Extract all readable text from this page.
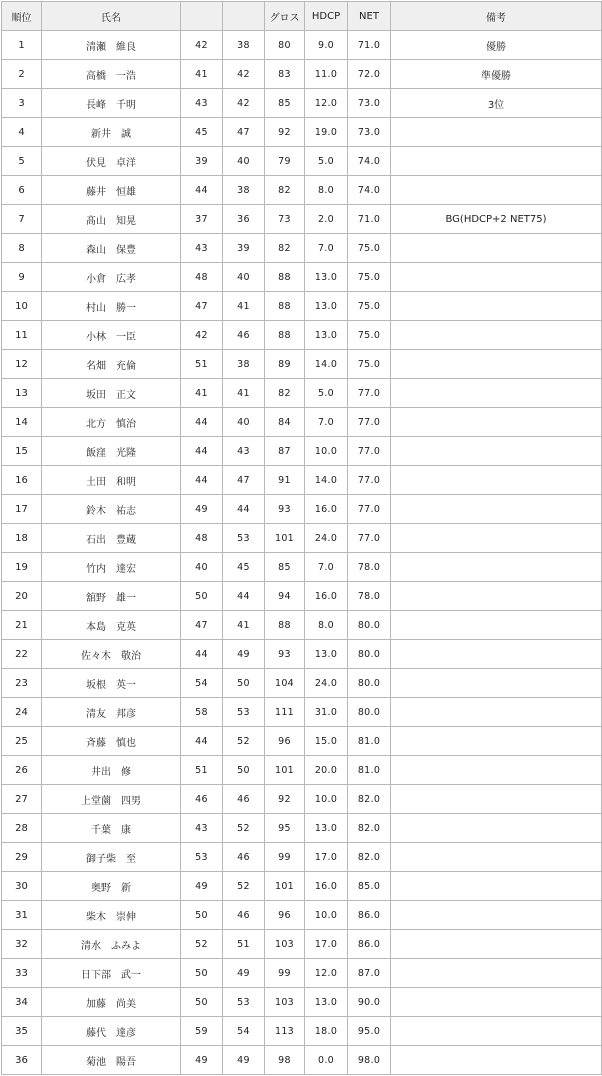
順位	氏名			グロス	HDCP	NET	備考
1	清瀬　維良	42	38	80	9.0	71.0	優勝
2	高橋　一浩	41	42	83	11.0	72.0	準優勝
3	長峰　千明	43	42	85	12.0	73.0	3位
4	新井　誠	45	47	92	19.0	73.0	
5	伏見　卓洋	39	40	79	5.0	74.0	
6	藤井　恒雄	44	38	82	8.0	74.0	
7	髙山　知晃	37	36	73	2.0	71.0	BG(HDCP+2 NET75)
8	森山　保豊	43	39	82	7.0	75.0	
9	小倉　広孝	48	40	88	13.0	75.0	
10	村山　勝一	47	41	88	13.0	75.0	
11	小林　一臣	42	46	88	13.0	75.0	
12	名畑　充倫	51	38	89	14.0	75.0	
13	坂田　正文	41	41	82	5.0	77.0	
14	北方　慎治	44	40	84	7.0	77.0	
15	飯窪　光隆	44	43	87	10.0	77.0	
16	土田　和明	44	47	91	14.0	77.0	
17	鈴木　祐志	49	44	93	16.0	77.0	
18	石出　豊蔵	48	53	101	24.0	77.0	
19	竹内　達宏	40	45	85	7.0	78.0	
20	舘野　雄一	50	44	94	16.0	78.0	
21	本島　克英	47	41	88	8.0	80.0	
22	佐々木　敬治	44	49	93	13.0	80.0	
23	坂根　英一	54	50	104	24.0	80.0	
24	清友　邦彦	58	53	111	31.0	80.0	
25	斉藤　慎也	44	52	96	15.0	81.0	
26	井出　修	51	50	101	20.0	81.0	
27	上堂薗　四男	46	46	92	10.0	82.0	
28	千葉　康	43	52	95	13.0	82.0	
29	御子柴　至	53	46	99	17.0	82.0	
30	奥野　新	49	52	101	16.0	85.0	
31	柴木　崇伸	50	46	96	10.0	86.0	
32	清水　ふみよ	52	51	103	17.0	86.0	
33	日下部　武一	50	49	99	12.0	87.0	
34	加藤　尚美	50	53	103	13.0	90.0	
35	藤代　達彦	59	54	113	18.0	95.0	
36	菊池　陽吾	49	49	98	0.0	98.0	
